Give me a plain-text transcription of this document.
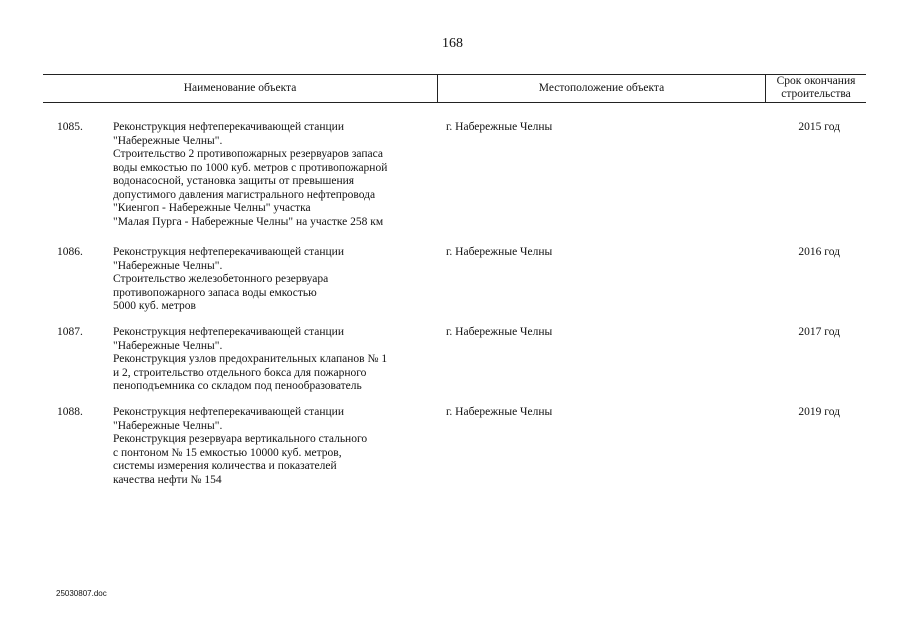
168
Наименование объекта	Местоположение объекта
Срок окончания
строительства
1085.	Реконструкция нефтеперекачивающей станции
"Набережные Челны".
Строительство 2 противопожарных резервуаров запаса
воды емкостью по 1000 куб. метров с противопожарной
водонасосной, установка защиты от превышения
допустимого давления магистрального нефтепровода
"Киенгоп - Набережные Челны" участка
"Малая Пурга - Набережные Челны" на участке 258 км
г. Набережные Челны	2015 год
1086.	Реконструкция нефтеперекачивающей станции
"Набережные Челны".
Строительство железобетонного резервуара
противопожарного запаса воды емкостью
5000 куб. метров
г. Набережные Челны	2016 год
1087.	Реконструкция нефтеперекачивающей станции
"Набережные Челны".
Реконструкция узлов предохранительных клапанов № 1
и 2, строительство отдельного бокса для пожарного
пеноподъемника со складом под пенообразователь
г. Набережные Челны	2017 год
1088.	Реконструкция нефтеперекачивающей станции
"Набережные Челны".
Реконструкция резервуара вертикального стального
с понтоном № 15 емкостью 10000 куб. метров,
системы измерения количества и показателей
качества нефти № 154
г. Набережные Челны	2019 год
25030807.doc
